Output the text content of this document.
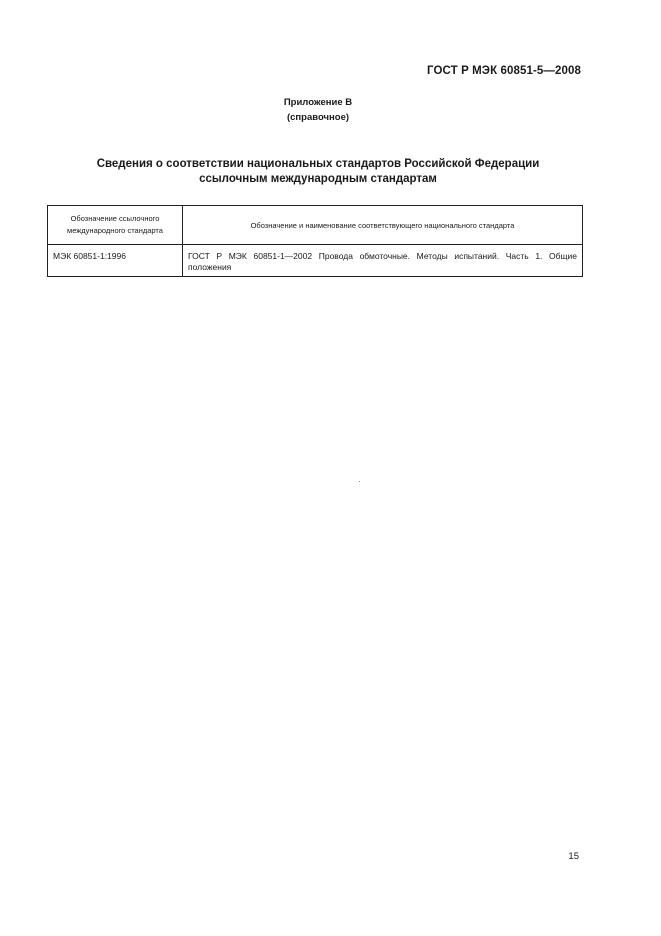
ГОСТ Р МЭК 60851-5—2008
Приложение В
(справочное)
Сведения о соответствии национальных стандартов Российской Федерации
ссылочным международным стандартам
Обозначение ссылочного
международного стандарта	Обозначение и наименование соответствующего национального стандарта
МЭК 60851-1:1996	ГОСТ Р МЭК 60851-1—2002 Провода обмоточные. Методы испытаний. Часть 1. Общие положения
15
